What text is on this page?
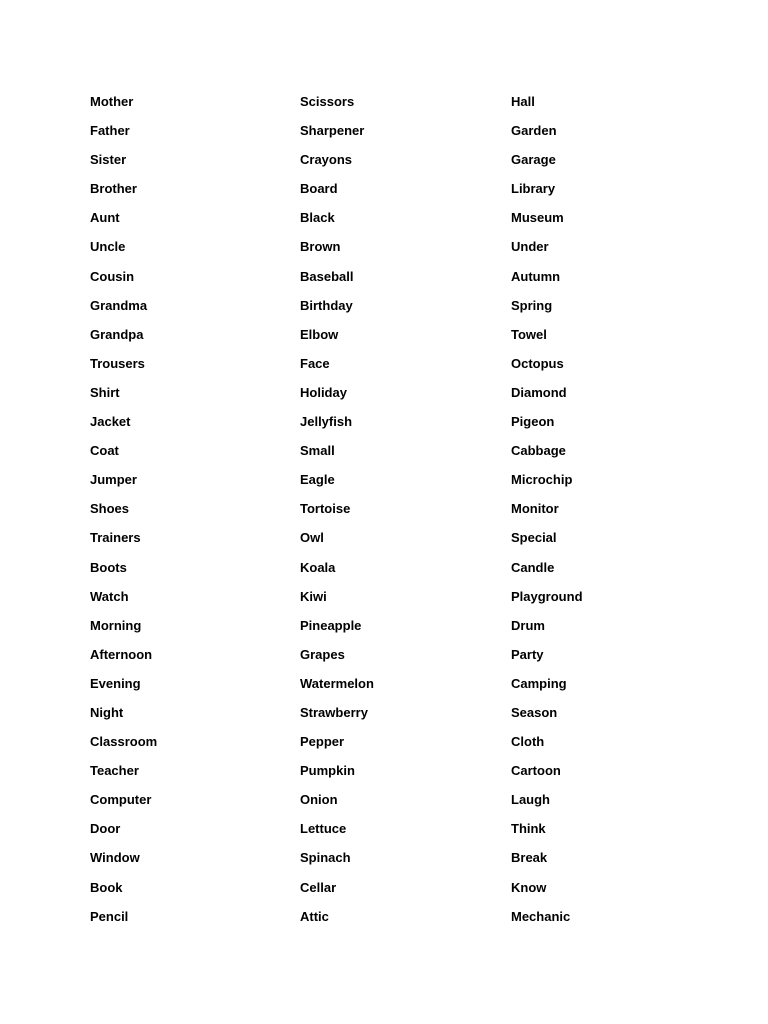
Mother
Father
Sister
Brother
Aunt
Uncle
Cousin
Grandma
Grandpa
Trousers
Shirt
Jacket
Coat
Jumper
Shoes
Trainers
Boots
Watch
Morning
Afternoon
Evening
Night
Classroom
Teacher
Computer
Door
Window
Book
Pencil
Scissors
Sharpener
Crayons
Board
Black
Brown
Baseball
Birthday
Elbow
Face
Holiday
Jellyfish
Small
Eagle
Tortoise
Owl
Koala
Kiwi
Pineapple
Grapes
Watermelon
Strawberry
Pepper
Pumpkin
Onion
Lettuce
Spinach
Cellar
Attic
Hall
Garden
Garage
Library
Museum
Under
Autumn
Spring
Towel
Octopus
Diamond
Pigeon
Cabbage
Microchip
Monitor
Special
Candle
Playground
Drum
Party
Camping
Season
Cloth
Cartoon
Laugh
Think
Break
Know
Mechanic
